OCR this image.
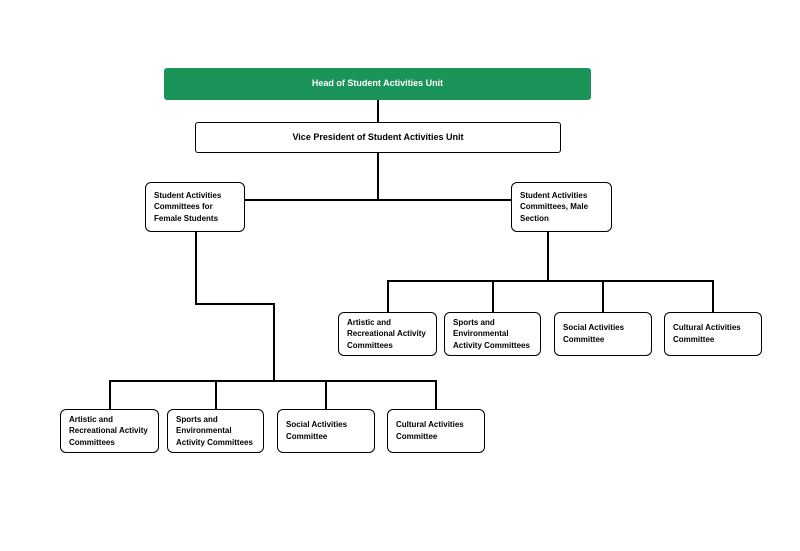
Head of Student Activities Unit
Vice President of Student Activities Unit
Student Activities Committees for Female Students
Student Activities Committees, Male Section
Artistic and Recreational Activity Committees
Sports and Environmental Activity Committees
Social Activities Committee
Cultural Activities Committee
Artistic and Recreational Activity Committees
Sports and Environmental Activity Committees
Social Activities Committee
Cultural Activities Committee
